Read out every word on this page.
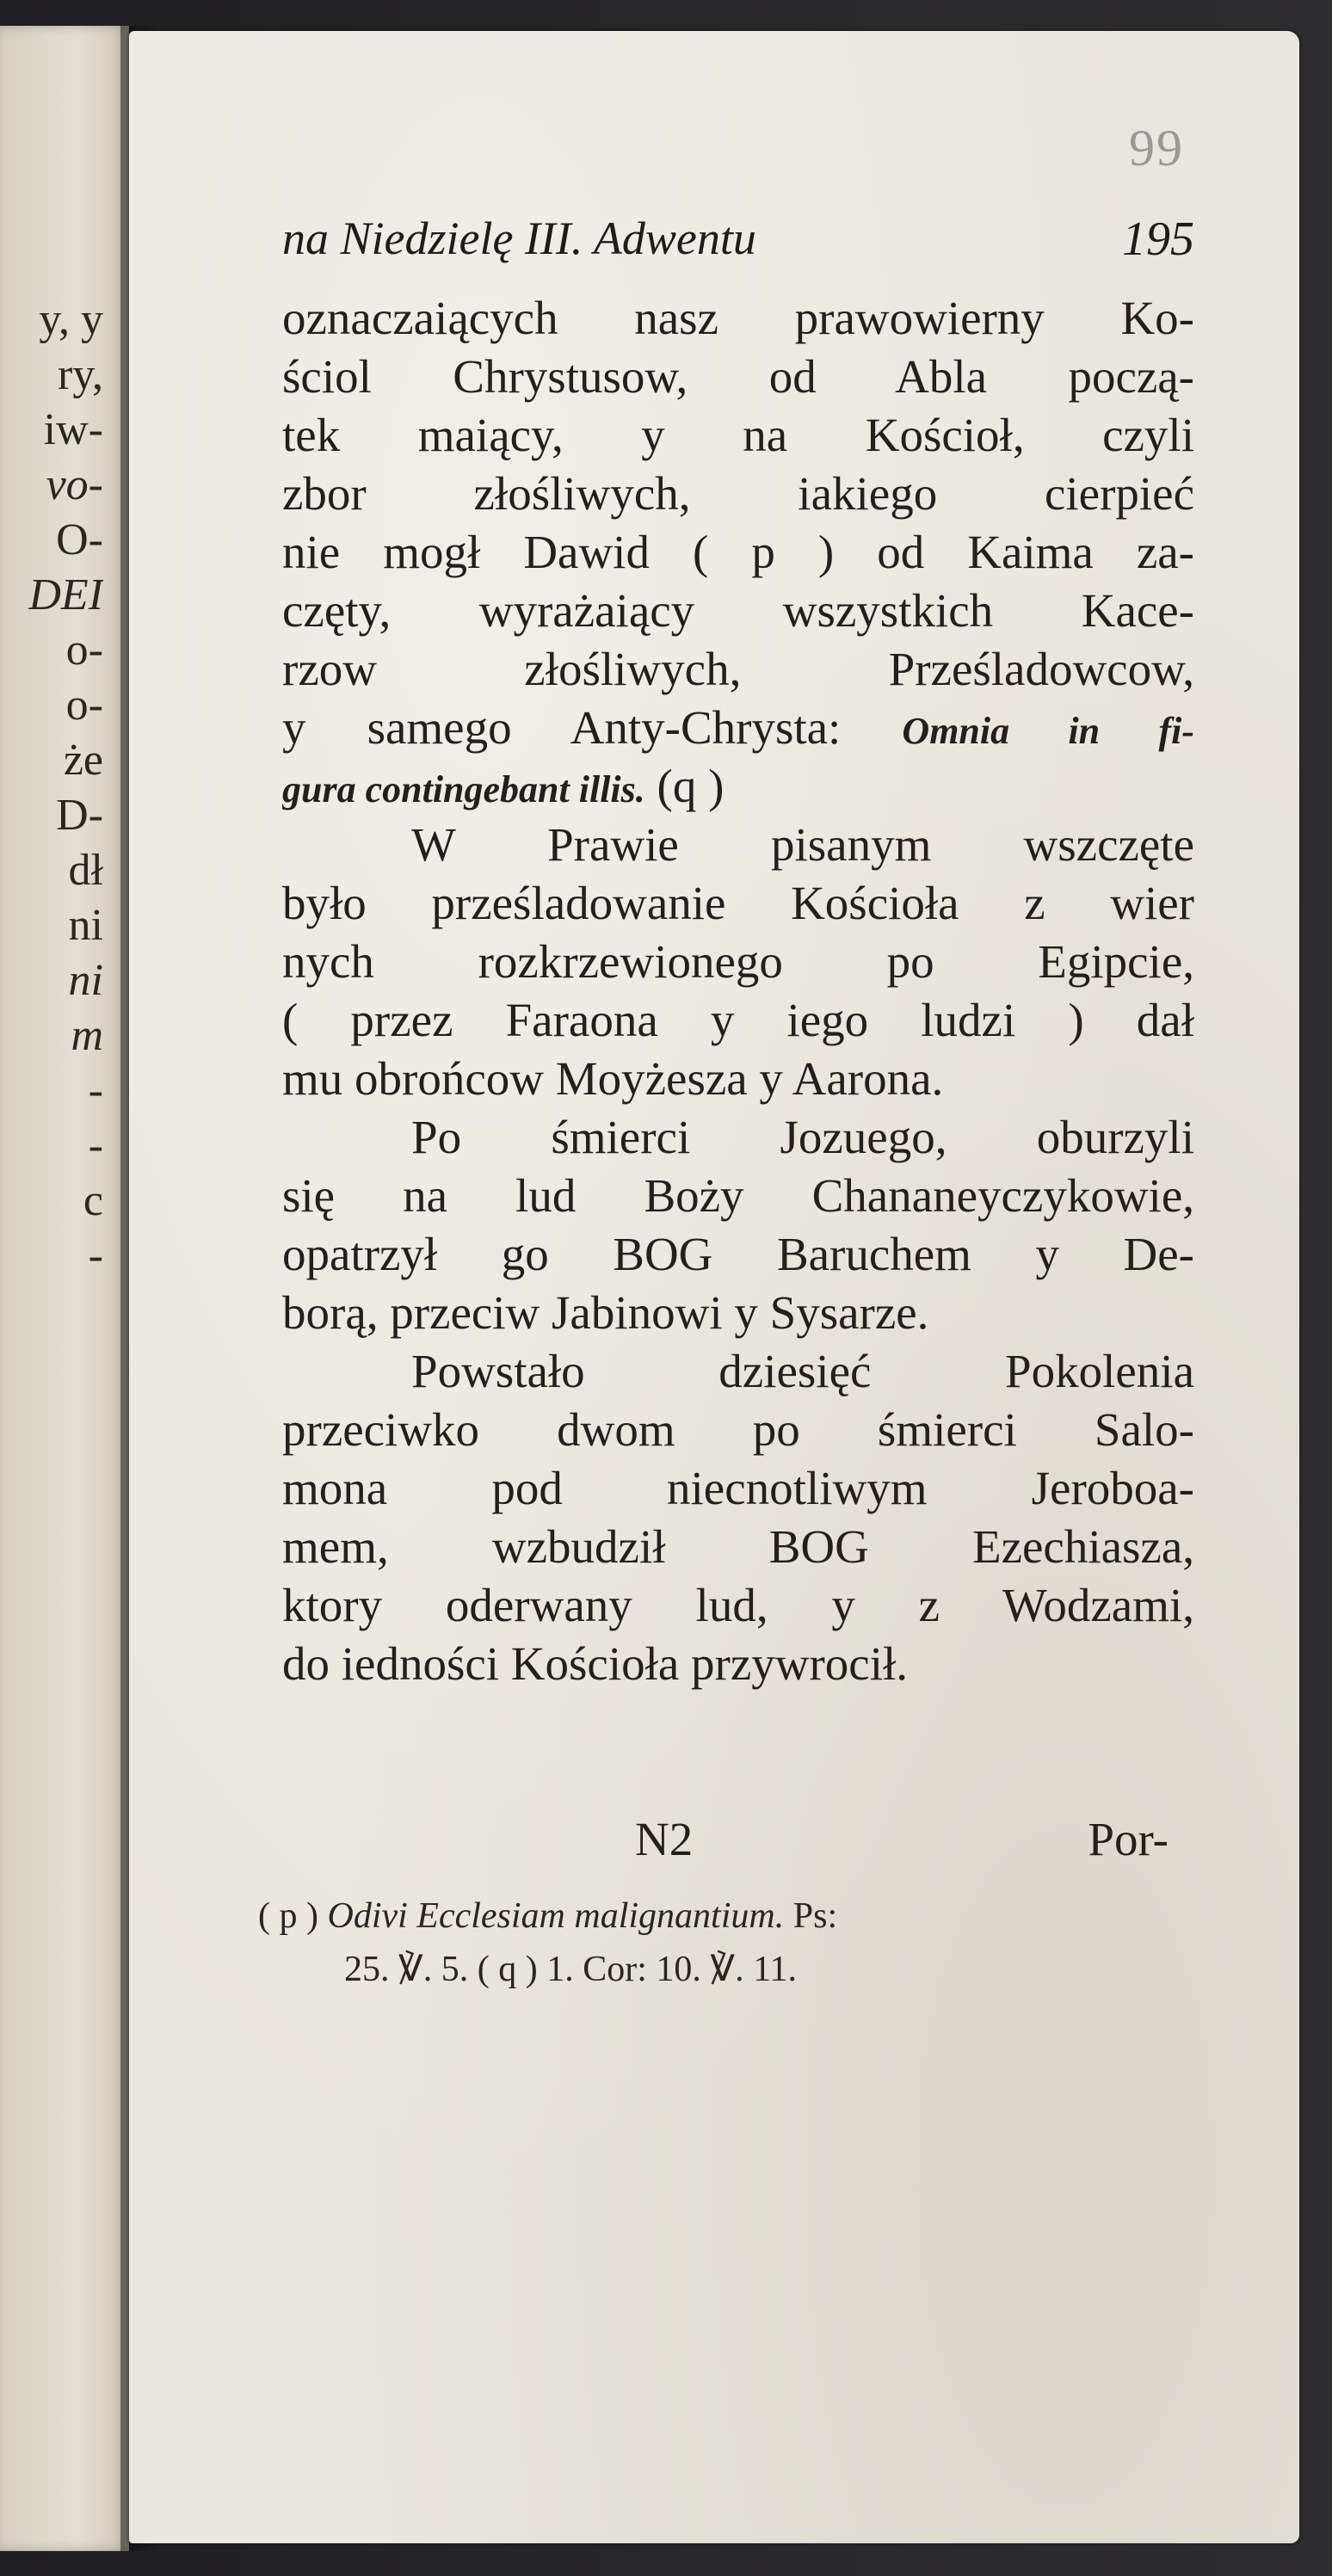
y, y
ry,
iw-
vo-
O-
DEI
o-
o-
że
D-
dł
ni
ni
m
-
-
c
-
99
na Niedzielę III. Adwentu	195
oznaczaiących nasz prawowierny Ko-
ściol Chrystusow, od Abla począ-
tek maiący, y na Kościoł, czyli
zbor złośliwych, iakiego cierpieć
nie mogł Dawid ( p ) od Kaima za-
częty, wyrażaiący wszystkich Kace-
rzow złośliwych, Prześladowcow,
y samego Anty-Chrysta: Omnia in fi-
gura contingebant illis. (q )
W Prawie pisanym wszczęte
było prześladowanie Kościoła z wier
nych rozkrzewionego po Egipcie,
( przez Faraona y iego ludzi ) dał
mu obrońcow Moyżesza y Aarona.
Po śmierci Jozuego, oburzyli
się na lud Boży Chananeyczykowie,
opatrzył go BOG Baruchem y De-
borą, przeciw Jabinowi y Sysarze.
Powstało dziesięć Pokolenia
przeciwko dwom po śmierci Salo-
mona pod niecnotliwym Jeroboa-
mem, wzbudził BOG Ezechiasza,
ktory oderwany lud, y z Wodzami,
do iedności Kościoła przywrocił.
N2	Por-
( p ) Odivi Ecclesiam malignantium. Ps:
25. ℣. 5. ( q ) 1. Cor: 10. ℣. 11.
